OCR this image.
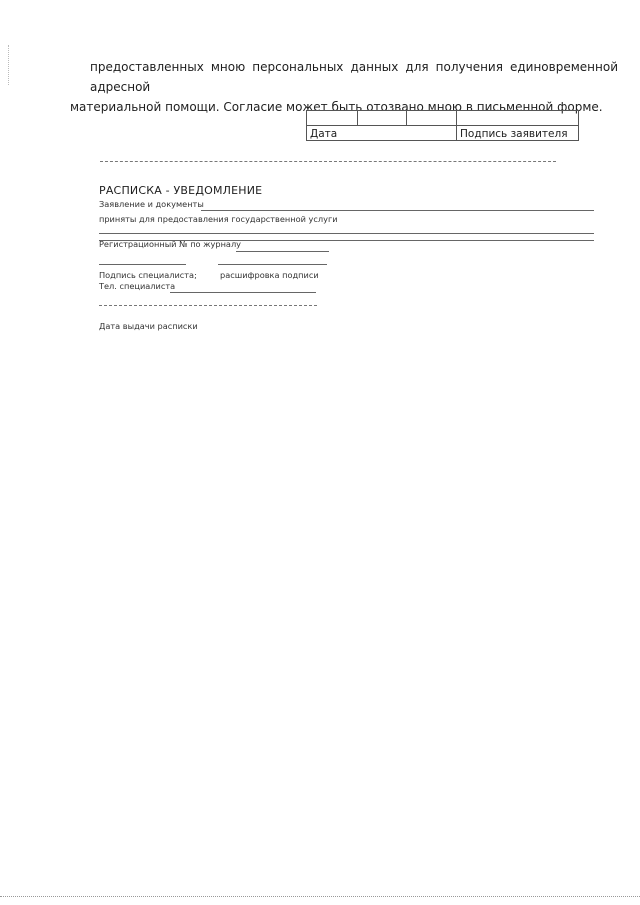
предоставленных мною персональных данных для получения единовременной адресной
материальной помощи. Согласие может быть отозвано мною в письменной форме.

Дата			Подпись заявителя
РАСПИСКА - УВЕДОМЛЕНИЕ
Заявление и документы
приняты для предоставления государственной услуги
Регистрационный № по журналу
Подпись специалиста;	расшифровка подписи
Тел. специалиста
Дата выдачи расписки
